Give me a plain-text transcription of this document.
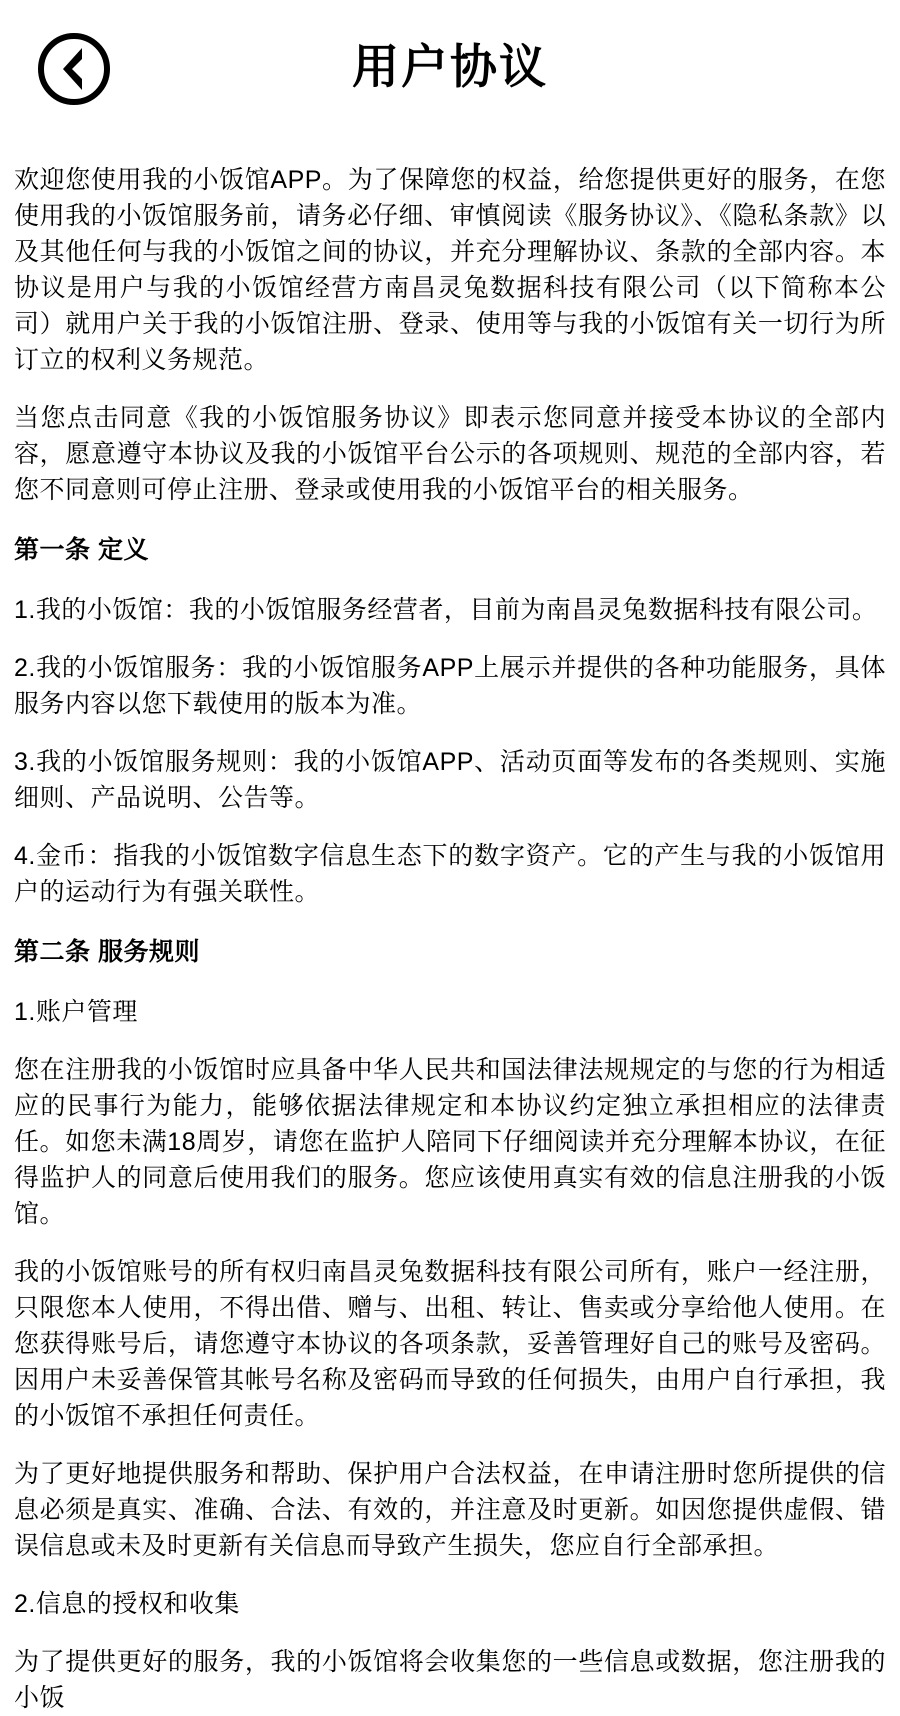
用户协议
欢迎您使用我的小饭馆APP。为了保障您的权益，给您提供更好的服务，在您使用我的小饭馆服务前，请务必仔细、审慎阅读《服务协议》、《隐私条款》以及其他任何与我的小饭馆之间的协议，并充分理解协议、条款的全部内容。本协议是用户与我的小饭馆经营方南昌灵兔数据科技有限公司（以下简称本公司）就用户关于我的小饭馆注册、登录、使用等与我的小饭馆有关一切行为所订立的权利义务规范。
当您点击同意《我的小饭馆服务协议》即表示您同意并接受本协议的全部内容，愿意遵守本协议及我的小饭馆平台公示的各项规则、规范的全部内容，若您不同意则可停止注册、登录或使用我的小饭馆平台的相关服务。
第一条 定义
1.我的小饭馆：我的小饭馆服务经营者，目前为南昌灵兔数据科技有限公司。
2.我的小饭馆服务：我的小饭馆服务APP上展示并提供的各种功能服务，具体服务内容以您下载使用的版本为准。
3.我的小饭馆服务规则：我的小饭馆APP、活动页面等发布的各类规则、实施细则、产品说明、公告等。
4.金币：指我的小饭馆数字信息生态下的数字资产。它的产生与我的小饭馆用户的运动行为有强关联性。
第二条 服务规则
1.账户管理
您在注册我的小饭馆时应具备中华人民共和国法律法规规定的与您的行为相适应的民事行为能力，能够依据法律规定和本协议约定独立承担相应的法律责任。如您未满18周岁，请您在监护人陪同下仔细阅读并充分理解本协议，在征得监护人的同意后使用我们的服务。您应该使用真实有效的信息注册我的小饭馆。
我的小饭馆账号的所有权归南昌灵兔数据科技有限公司所有，账户一经注册，只限您本人使用，不得出借、赠与、出租、转让、售卖或分享给他人使用。在您获得账号后，请您遵守本协议的各项条款，妥善管理好自己的账号及密码。因用户未妥善保管其帐号名称及密码而导致的任何损失，由用户自行承担，我的小饭馆不承担任何责任。
为了更好地提供服务和帮助、保护用户合法权益，在申请注册时您所提供的信息必须是真实、准确、合法、有效的，并注意及时更新。如因您提供虚假、错误信息或未及时更新有关信息而导致产生损失，您应自行全部承担。
2.信息的授权和收集
为了提供更好的服务，我的小饭馆将会收集您的一些信息或数据，您注册我的小饭
